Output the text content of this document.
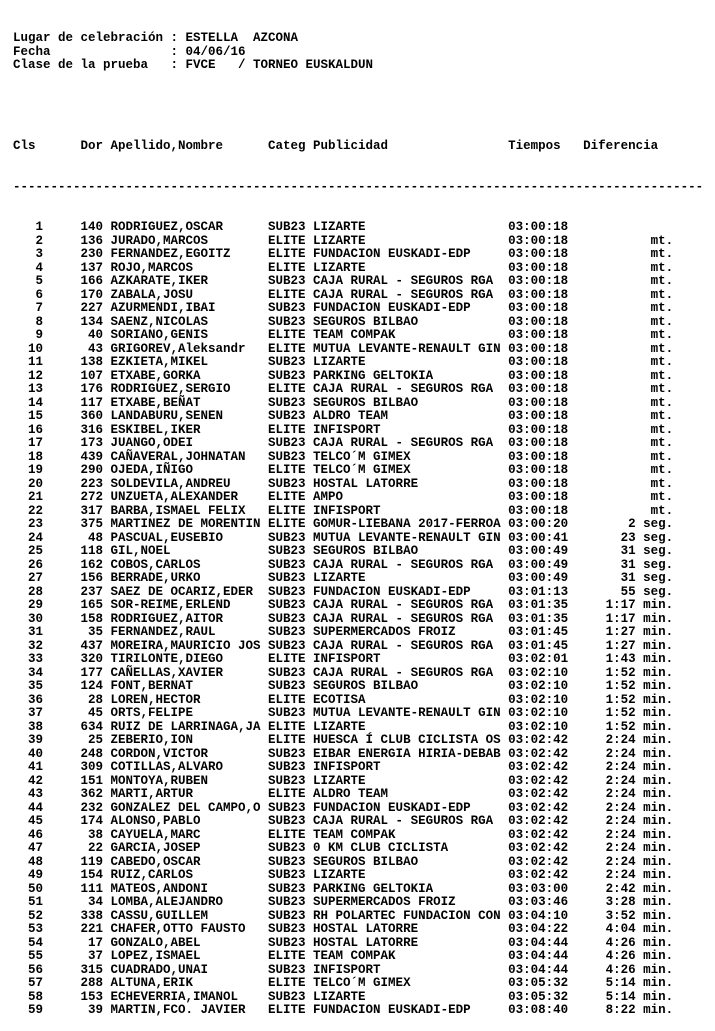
Lugar de celebración : ESTELLA  AZCONA
Fecha                : 04/06/16
Clase de la prueba   : FVCE   / TORNEO EUSKALDUN

Cls      Dor Apellido,Nombre      Categ Publicidad                Tiempos   Diferencia

--------------------------------------------------------------------------------------------

1     140 RODRIGUEZ,OSCAR      SUB23 LIZARTE                   03:00:18
2     136 JURADO,MARCOS        ELITE LIZARTE                   03:00:18           mt.
3     230 FERNANDEZ,EGOITZ     ELITE FUNDACION EUSKADI-EDP     03:00:18           mt.
4     137 ROJO,MARCOS          ELITE LIZARTE                   03:00:18           mt.
5     166 AZKARATE,IKER        SUB23 CAJA RURAL - SEGUROS RGA  03:00:18           mt.
6     170 ZABALA,JOSU          ELITE CAJA RURAL - SEGUROS RGA  03:00:18           mt.
7     227 AZURMENDI,IBAI       SUB23 FUNDACION EUSKADI-EDP     03:00:18           mt.
8     134 SAENZ,NICOLAS        SUB23 SEGUROS BILBAO            03:00:18           mt.
9      40 SORIANO,GENIS        ELITE TEAM COMPAK               03:00:18           mt.
10      43 GRIGOREV,Aleksandr   ELITE MUTUA LEVANTE-RENAULT GIN 03:00:18           mt.
11     138 EZKIETA,MIKEL        SUB23 LIZARTE                   03:00:18           mt.
12     107 ETXABE,GORKA         SUB23 PARKING GELTOKIA          03:00:18           mt.
13     176 RODRIGUEZ,SERGIO     ELITE CAJA RURAL - SEGUROS RGA  03:00:18           mt.
14     117 ETXABE,BEÑAT         SUB23 SEGUROS BILBAO            03:00:18           mt.
15     360 LANDABURU,SENEN      SUB23 ALDRO TEAM                03:00:18           mt.
16     316 ESKIBEL,IKER         ELITE INFISPORT                 03:00:18           mt.
17     173 JUANGO,ODEI          SUB23 CAJA RURAL - SEGUROS RGA  03:00:18           mt.
18     439 CAÑAVERAL,JOHNATAN   SUB23 TELCO´M GIMEX             03:00:18           mt.
19     290 OJEDA,IÑIGO          ELITE TELCO´M GIMEX             03:00:18           mt.
20     223 SOLDEVILA,ANDREU     SUB23 HOSTAL LATORRE            03:00:18           mt.
21     272 UNZUETA,ALEXANDER    ELITE AMPO                      03:00:18           mt.
22     317 BARBA,ISMAEL FELIX   ELITE INFISPORT                 03:00:18           mt.
23     375 MARTINEZ DE MORENTIN ELITE GOMUR-LIEBANA 2017-FERROA 03:00:20        2 seg.
24      48 PASCUAL,EUSEBIO      SUB23 MUTUA LEVANTE-RENAULT GIN 03:00:41       23 seg.
25     118 GIL,NOEL             SUB23 SEGUROS BILBAO            03:00:49       31 seg.
26     162 COBOS,CARLOS         SUB23 CAJA RURAL - SEGUROS RGA  03:00:49       31 seg.
27     156 BERRADE,URKO         SUB23 LIZARTE                   03:00:49       31 seg.
28     237 SAEZ DE OCARIZ,EDER  SUB23 FUNDACION EUSKADI-EDP     03:01:13       55 seg.
29     165 SOR-REIME,ERLEND     SUB23 CAJA RURAL - SEGUROS RGA  03:01:35     1:17 min.
30     158 RODRIGUEZ,AITOR      SUB23 CAJA RURAL - SEGUROS RGA  03:01:35     1:17 min.
31      35 FERNANDEZ,RAUL       SUB23 SUPERMERCADOS FROIZ       03:01:45     1:27 min.
32     437 MOREIRA,MAURICIO JOS SUB23 CAJA RURAL - SEGUROS RGA  03:01:45     1:27 min.
33     320 TIRILONTE,DIEGO      ELITE INFISPORT                 03:02:01     1:43 min.
34     177 CAÑELLAS,XAVIER      SUB23 CAJA RURAL - SEGUROS RGA  03:02:10     1:52 min.
35     124 FONT,BERNAT          SUB23 SEGUROS BILBAO            03:02:10     1:52 min.
36      28 LOREN,HECTOR         ELITE ECOTISA                   03:02:10     1:52 min.
37      45 ORTS,FELIPE          SUB23 MUTUA LEVANTE-RENAULT GIN 03:02:10     1:52 min.
38     634 RUIZ DE LARRINAGA,JA ELITE LIZARTE                   03:02:10     1:52 min.
39      25 ZEBERIO,ION          ELITE HUESCA Í CLUB CICLISTA OS 03:02:42     2:24 min.
40     248 CORDON,VICTOR        SUB23 EIBAR ENERGIA HIRIA-DEBAB 03:02:42     2:24 min.
41     309 COTILLAS,ALVARO      SUB23 INFISPORT                 03:02:42     2:24 min.
42     151 MONTOYA,RUBEN        SUB23 LIZARTE                   03:02:42     2:24 min.
43     362 MARTI,ARTUR          ELITE ALDRO TEAM                03:02:42     2:24 min.
44     232 GONZALEZ DEL CAMPO,O SUB23 FUNDACION EUSKADI-EDP     03:02:42     2:24 min.
45     174 ALONSO,PABLO         SUB23 CAJA RURAL - SEGUROS RGA  03:02:42     2:24 min.
46      38 CAYUELA,MARC         ELITE TEAM COMPAK               03:02:42     2:24 min.
47      22 GARCIA,JOSEP         SUB23 0 KM CLUB CICLISTA        03:02:42     2:24 min.
48     119 CABEDO,OSCAR         SUB23 SEGUROS BILBAO            03:02:42     2:24 min.
49     154 RUIZ,CARLOS          SUB23 LIZARTE                   03:02:42     2:24 min.
50     111 MATEOS,ANDONI        SUB23 PARKING GELTOKIA          03:03:00     2:42 min.
51      34 LOMBA,ALEJANDRO      SUB23 SUPERMERCADOS FROIZ       03:03:46     3:28 min.
52     338 CASSU,GUILLEM        SUB23 RH POLARTEC FUNDACION CON 03:04:10     3:52 min.
53     221 CHAFER,OTTO FAUSTO   SUB23 HOSTAL LATORRE            03:04:22     4:04 min.
54      17 GONZALO,ABEL         SUB23 HOSTAL LATORRE            03:04:44     4:26 min.
55      37 LOPEZ,ISMAEL         ELITE TEAM COMPAK               03:04:44     4:26 min.
56     315 CUADRADO,UNAI        SUB23 INFISPORT                 03:04:44     4:26 min.
57     288 ALTUNA,ERIK          ELITE TELCO´M GIMEX             03:05:32     5:14 min.
58     153 ECHEVERRIA,IMANOL    SUB23 LIZARTE                   03:05:32     5:14 min.
59      39 MARTIN,FCO. JAVIER   ELITE FUNDACION EUSKADI-EDP     03:08:40     8:22 min.
